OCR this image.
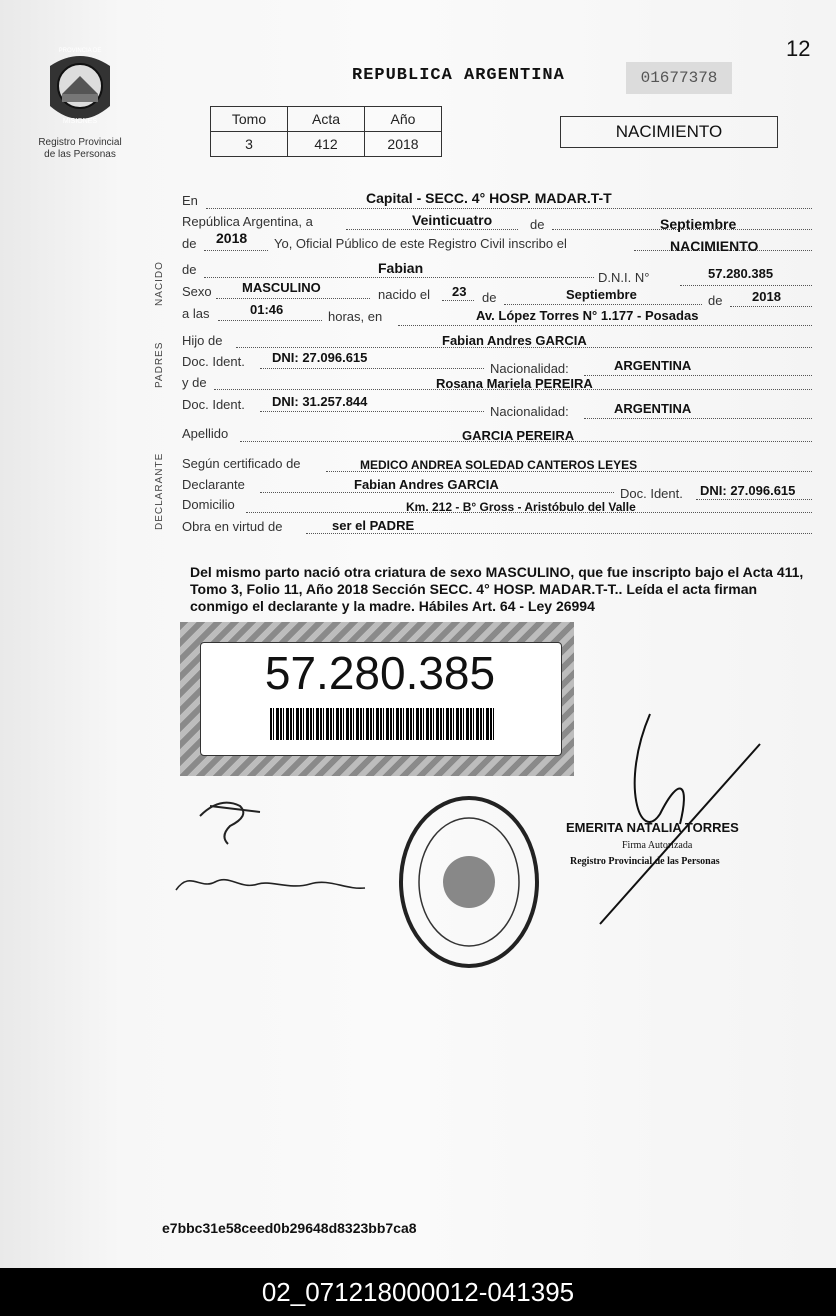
12
PROVINCIA DE
MISIONES
Registro Provincial
de las Personas
REPUBLICA ARGENTINA	01677378
NACIMIENTO
Tomo	Acta	Año
3	412	2018
NACIDO
PADRES
DECLARANTE
En	Capital - SECC. 4° HOSP. MADAR.T-T
República Argentina, a	Veinticuatro	de	Septiembre
de 2018 Yo, Oficial Público de este Registro Civil inscribo el	NACIMIENTO
de	Fabian
D.N.I. N°	57.280.385
Sexo MASCULINO	nacido el 23 de	Septiembre	de 2018
a las	01:46	horas, en	Av. López Torres N° 1.177 - Posadas
Hijo de	Fabian Andres GARCIA
Doc. Ident. DNI: 27.096.615
Nacionalidad:	ARGENTINA
y de	Rosana Mariela PEREIRA
Doc. Ident. DNI: 31.257.844
Nacionalidad:	ARGENTINA
Apellido	GARCIA PEREIRA
Según certificado de	MEDICO ANDREA SOLEDAD CANTEROS LEYES
Declarante	Fabian Andres GARCIA
Doc. Ident. DNI: 27.096.615
Domicilio	Km. 212 - B° Gross - Aristóbulo del Valle
Obra en virtud de	ser el PADRE
Del mismo parto nació otra criatura de sexo MASCULINO, que fue inscripto bajo el Acta 411, Tomo 3, Folio 11, Año 2018 Sección SECC. 4° HOSP. MADAR.T-T.. Leída el acta firman conmigo el declarante y la madre. Hábiles Art. 64 - Ley 26994
57.280.385
EMERITA NATALIA TORRES
Firma Autorizada
Registro Provincial de las Personas
e7bbc31e58ceed0b29648d8323bb7ca8
02_071218000012-041395
